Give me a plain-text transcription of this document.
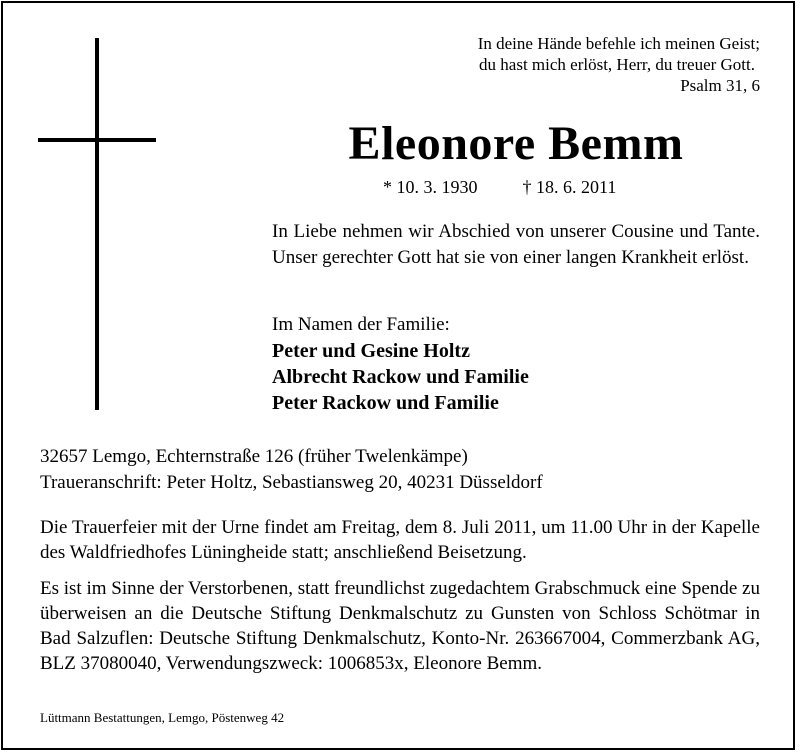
In deine Hände befehle ich meinen Geist;
du hast mich erlöst, Herr, du treuer Gott.
Psalm 31, 6
Eleonore Bemm
* 10. 3. 1930	† 18. 6. 2011
In Liebe nehmen wir Abschied von unserer Cousine und Tante. Unser gerechter Gott hat sie von einer langen Krankheit erlöst.
Im Namen der Familie:
Peter und Gesine Holtz
Albrecht Rackow und Familie
Peter Rackow und Familie
32657 Lemgo, Echternstraße 126 (früher Twelenkämpe)
Traueranschrift: Peter Holtz, Sebastiansweg 20, 40231 Düsseldorf
Die Trauerfeier mit der Urne findet am Freitag, dem 8. Juli 2011, um 11.00 Uhr in der Kapelle des Waldfriedhofes Lüningheide statt; anschließend Beisetzung.
Es ist im Sinne der Verstorbenen, statt freundlichst zugedachtem Grabschmuck eine Spende zu überweisen an die Deutsche Stiftung Denkmalschutz zu Gunsten von Schloss Schötmar in Bad Salzuflen: Deutsche Stiftung Denkmalschutz, Konto-Nr. 263667004, Commerzbank AG, BLZ 37080040, Verwendungszweck: 1006853x, Eleonore Bemm.
Lüttmann Bestattungen, Lemgo, Pöstenweg 42
